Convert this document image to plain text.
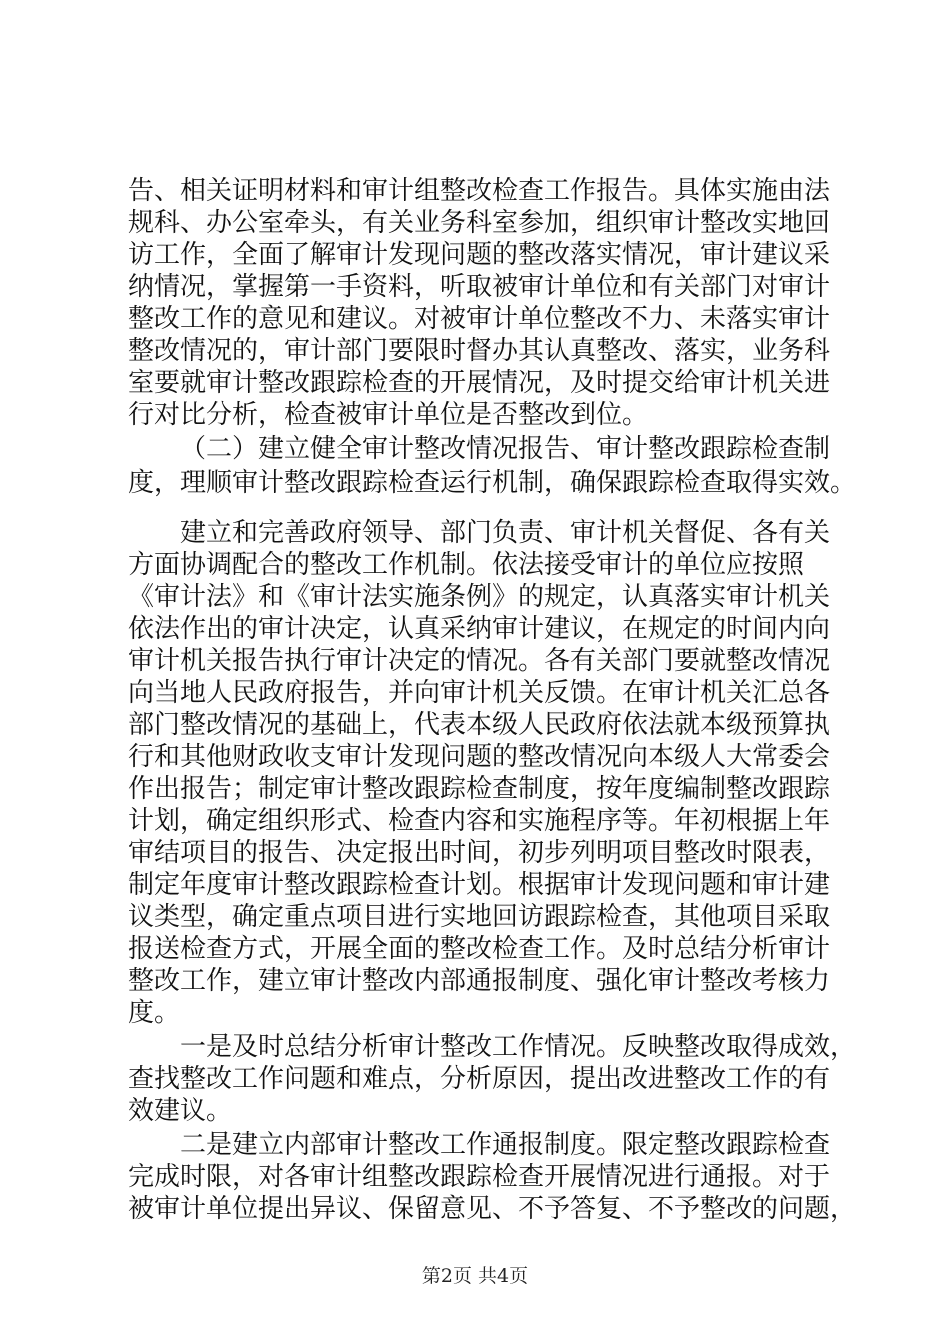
告、相关证明材料和审计组整改检查工作报告。具体实施由法
规科、办公室牵头，有关业务科室参加，组织审计整改实地回
访工作，全面了解审计发现问题的整改落实情况，审计建议采
纳情况，掌握第一手资料，听取被审计单位和有关部门对审计
整改工作的意见和建议。对被审计单位整改不力、未落实审计
整改情况的，审计部门要限时督办其认真整改、落实，业务科
室要就审计整改跟踪检查的开展情况，及时提交给审计机关进
行对比分析，检查被审计单位是否整改到位。
（二）建立健全审计整改情况报告、审计整改跟踪检查制
度，理顺审计整改跟踪检查运行机制，确保跟踪检查取得实效。
建立和完善政府领导、部门负责、审计机关督促、各有关
方面协调配合的整改工作机制。依法接受审计的单位应按照
《审计法》和《审计法实施条例》的规定，认真落实审计机关
依法作出的审计决定，认真采纳审计建议，在规定的时间内向
审计机关报告执行审计决定的情况。各有关部门要就整改情况
向当地人民政府报告，并向审计机关反馈。在审计机关汇总各
部门整改情况的基础上，代表本级人民政府依法就本级预算执
行和其他财政收支审计发现问题的整改情况向本级人大常委会
作出报告；制定审计整改跟踪检查制度，按年度编制整改跟踪
计划，确定组织形式、检查内容和实施程序等。年初根据上年
审结项目的报告、决定报出时间，初步列明项目整改时限表，
制定年度审计整改跟踪检查计划。根据审计发现问题和审计建
议类型，确定重点项目进行实地回访跟踪检查，其他项目采取
报送检查方式，开展全面的整改检查工作。及时总结分析审计
整改工作，建立审计整改内部通报制度、强化审计整改考核力
度。
一是及时总结分析审计整改工作情况。反映整改取得成效，
查找整改工作问题和难点，分析原因，提出改进整改工作的有
效建议。
二是建立内部审计整改工作通报制度。限定整改跟踪检查
完成时限，对各审计组整改跟踪检查开展情况进行通报。对于
被审计单位提出异议、保留意见、不予答复、不予整改的问题，
第2页 共4页
